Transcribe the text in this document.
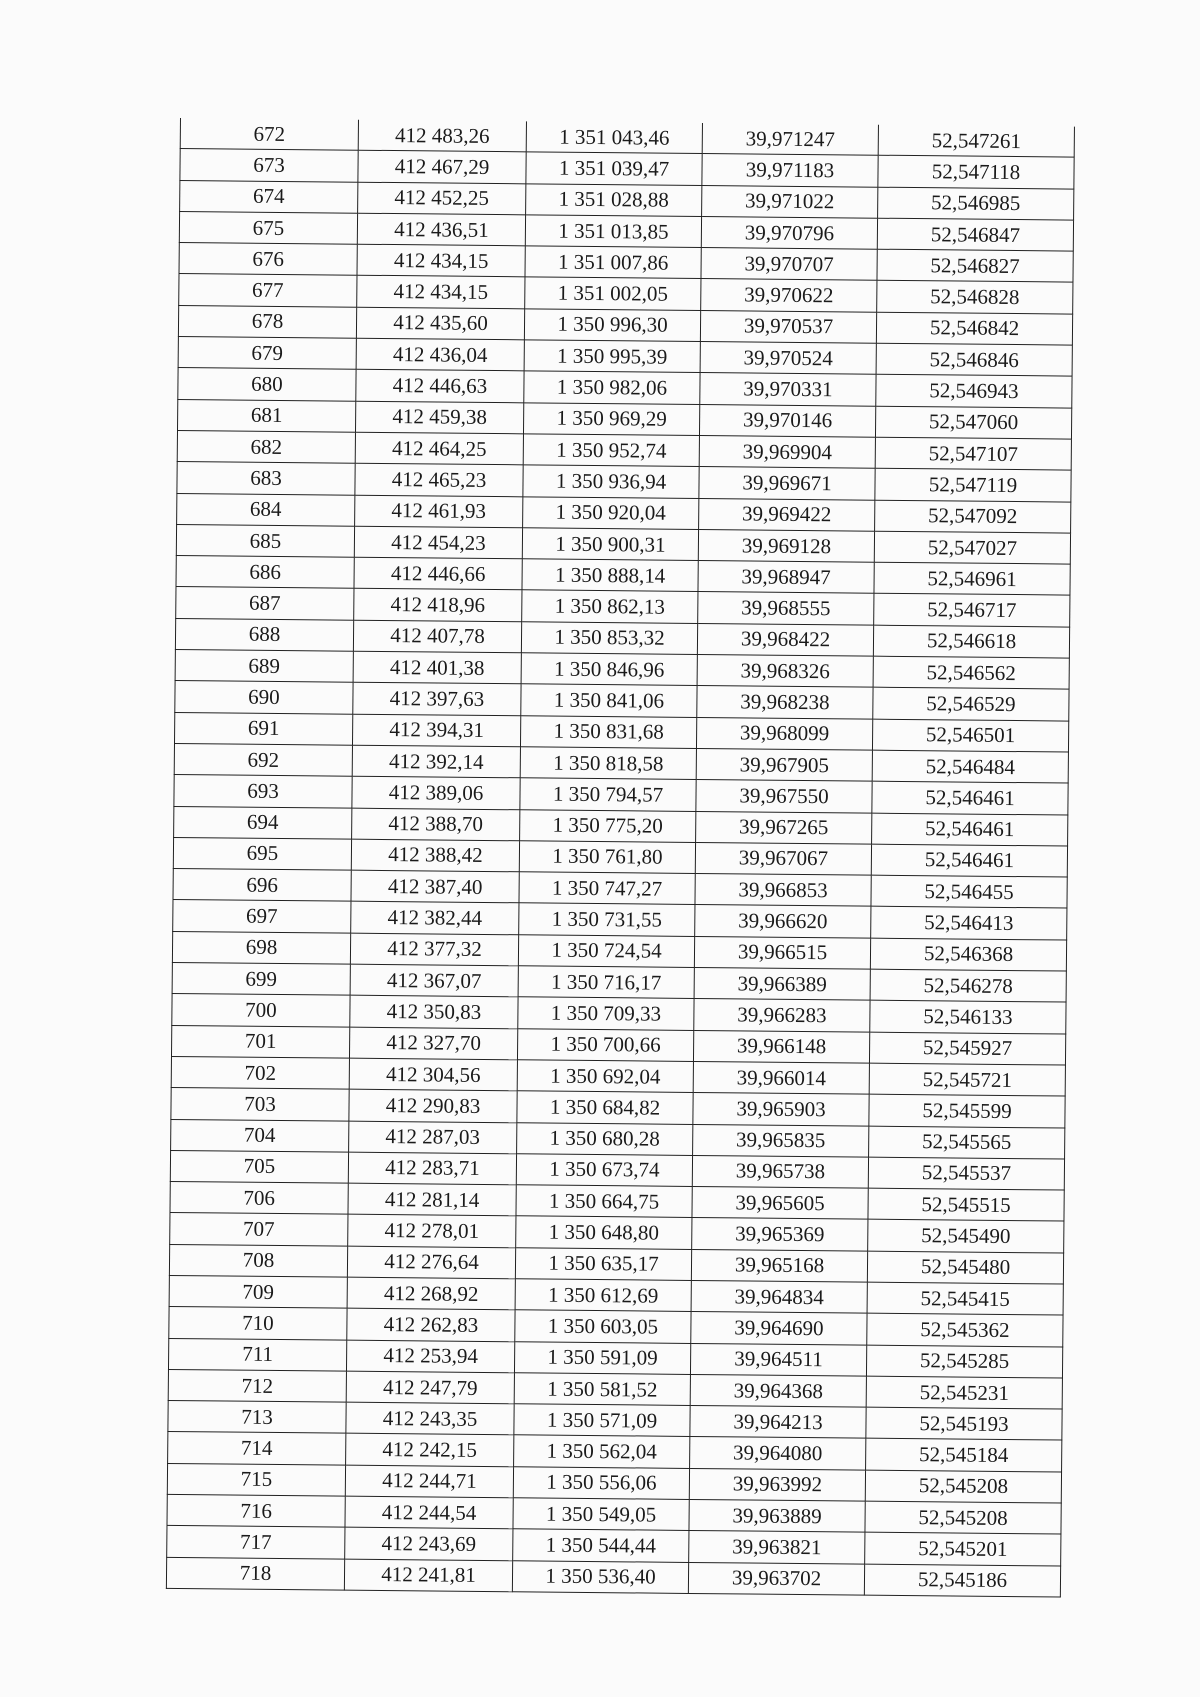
672	412 483,26	1 351 043,46	39,971247	52,547261
673	412 467,29	1 351 039,47	39,971183	52,547118
674	412 452,25	1 351 028,88	39,971022	52,546985
675	412 436,51	1 351 013,85	39,970796	52,546847
676	412 434,15	1 351 007,86	39,970707	52,546827
677	412 434,15	1 351 002,05	39,970622	52,546828
678	412 435,60	1 350 996,30	39,970537	52,546842
679	412 436,04	1 350 995,39	39,970524	52,546846
680	412 446,63	1 350 982,06	39,970331	52,546943
681	412 459,38	1 350 969,29	39,970146	52,547060
682	412 464,25	1 350 952,74	39,969904	52,547107
683	412 465,23	1 350 936,94	39,969671	52,547119
684	412 461,93	1 350 920,04	39,969422	52,547092
685	412 454,23	1 350 900,31	39,969128	52,547027
686	412 446,66	1 350 888,14	39,968947	52,546961
687	412 418,96	1 350 862,13	39,968555	52,546717
688	412 407,78	1 350 853,32	39,968422	52,546618
689	412 401,38	1 350 846,96	39,968326	52,546562
690	412 397,63	1 350 841,06	39,968238	52,546529
691	412 394,31	1 350 831,68	39,968099	52,546501
692	412 392,14	1 350 818,58	39,967905	52,546484
693	412 389,06	1 350 794,57	39,967550	52,546461
694	412 388,70	1 350 775,20	39,967265	52,546461
695	412 388,42	1 350 761,80	39,967067	52,546461
696	412 387,40	1 350 747,27	39,966853	52,546455
697	412 382,44	1 350 731,55	39,966620	52,546413
698	412 377,32	1 350 724,54	39,966515	52,546368
699	412 367,07	1 350 716,17	39,966389	52,546278
700	412 350,83	1 350 709,33	39,966283	52,546133
701	412 327,70	1 350 700,66	39,966148	52,545927
702	412 304,56	1 350 692,04	39,966014	52,545721
703	412 290,83	1 350 684,82	39,965903	52,545599
704	412 287,03	1 350 680,28	39,965835	52,545565
705	412 283,71	1 350 673,74	39,965738	52,545537
706	412 281,14	1 350 664,75	39,965605	52,545515
707	412 278,01	1 350 648,80	39,965369	52,545490
708	412 276,64	1 350 635,17	39,965168	52,545480
709	412 268,92	1 350 612,69	39,964834	52,545415
710	412 262,83	1 350 603,05	39,964690	52,545362
711	412 253,94	1 350 591,09	39,964511	52,545285
712	412 247,79	1 350 581,52	39,964368	52,545231
713	412 243,35	1 350 571,09	39,964213	52,545193
714	412 242,15	1 350 562,04	39,964080	52,545184
715	412 244,71	1 350 556,06	39,963992	52,545208
716	412 244,54	1 350 549,05	39,963889	52,545208
717	412 243,69	1 350 544,44	39,963821	52,545201
718	412 241,81	1 350 536,40	39,963702	52,545186
